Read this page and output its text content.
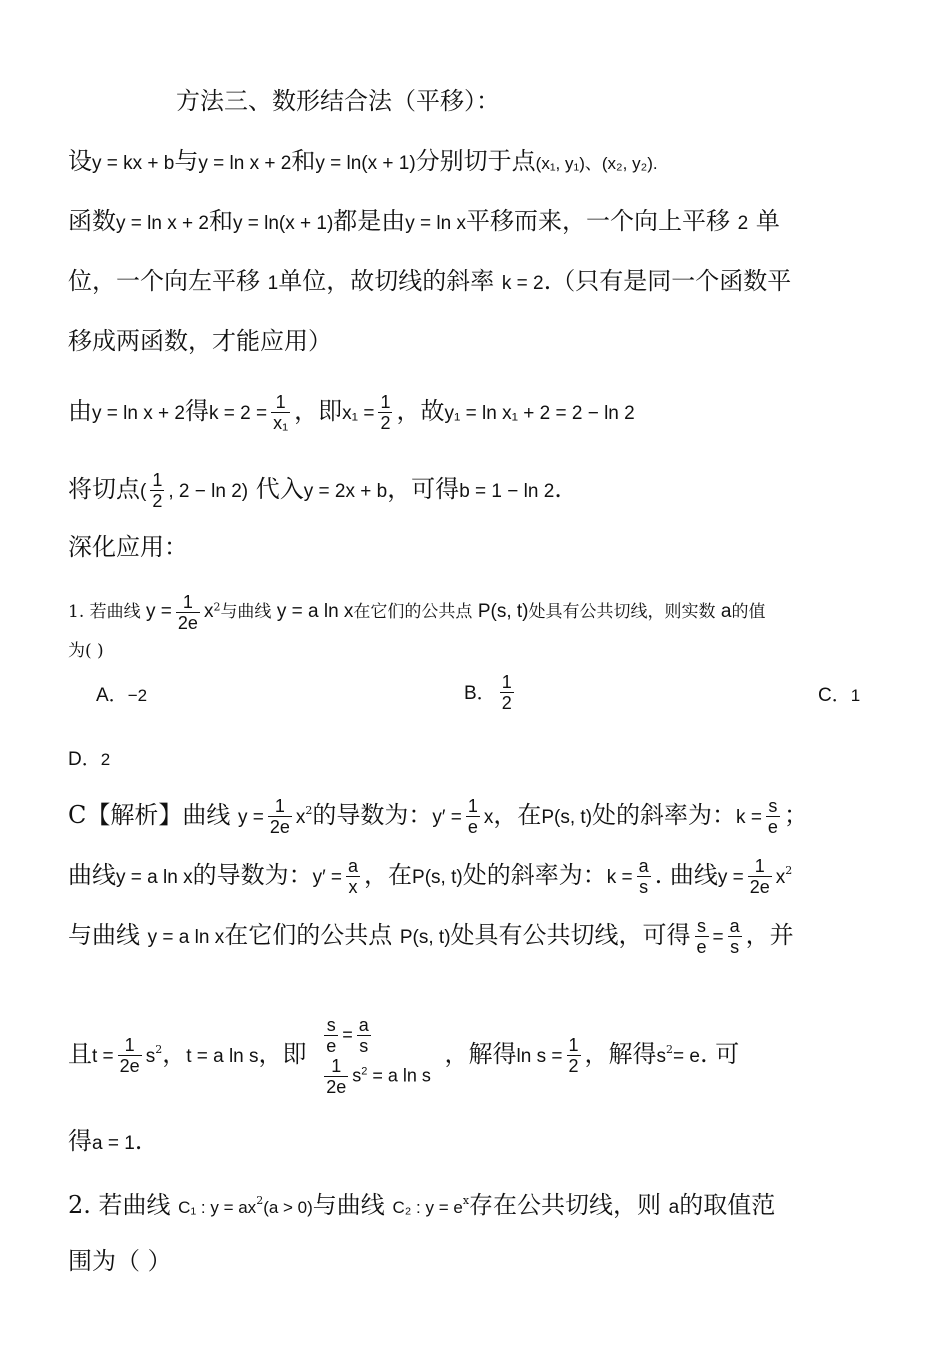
方法三、数形结合法（平移）：
设y = kx + b与y = ln x + 2和y = ln(x + 1)分别切于点(x₁, y₁)、(x₂, y₂).
函数y = ln x + 2和y = ln(x + 1)都是由y = ln x平移而来，一个向上平移 2 单
位，一个向左平移 1单位，故切线的斜率 k = 2.（只有是同一个函数平
移成两函数，才能应用）
由y = ln x + 2得$k = 2 = \frac{1}{\text{x₁}}$ ，即$x_1 = \frac{1}{2}$ ，故y₁ = ln x₁ + 2 = 2 − ln 2
将切点( $\frac{1}{2}$ , 2 − ln 2) 代入y = 2x + b，可得b = 1 − ln 2.
深化应用：
1. 若曲线 $y = \frac{1}{2e} x^2$与曲线 y = a ln x在它们的公共点 P(s, t)处具有公共切线，则实数 a的值
为( )
A．−2	B． $\frac{1}{2}$	C．1
D．2
C【解析】曲线 $y = \frac{1}{2e} x^2$的导数为：$y' = \frac{1}{e}$ x，在P(s, t)处的斜率为：$k = \frac{s}{e}$ ；
曲线y = a ln x的导数为：$y' = \frac{a}{x}$ ，在P(s, t)处的斜率为：$k = \frac{a}{s}$ . 曲线$y = \frac{1}{2e} x^2$
与曲线 y = a ln x在它们的公共点 P(s, t)处具有公共切线，可得 $\frac{s}{e} = \frac{a}{s}$ ，并
且$t = \frac{1}{2e} s^2$，t = a ln s，即 $\frac{s}{e} = \frac{a}{s}$
$\frac{1}{2e} s^2 = a$ ln s
，解得$\ln s = \frac{1}{2}$ ，解得$s^2= e$. 可
得a = 1.
2. 若曲线 C₁ : $y = ax^2(a > 0)$与曲线 C₂ : $y = e^x$存在公共切线，则 a的取值范
围为（ ）
